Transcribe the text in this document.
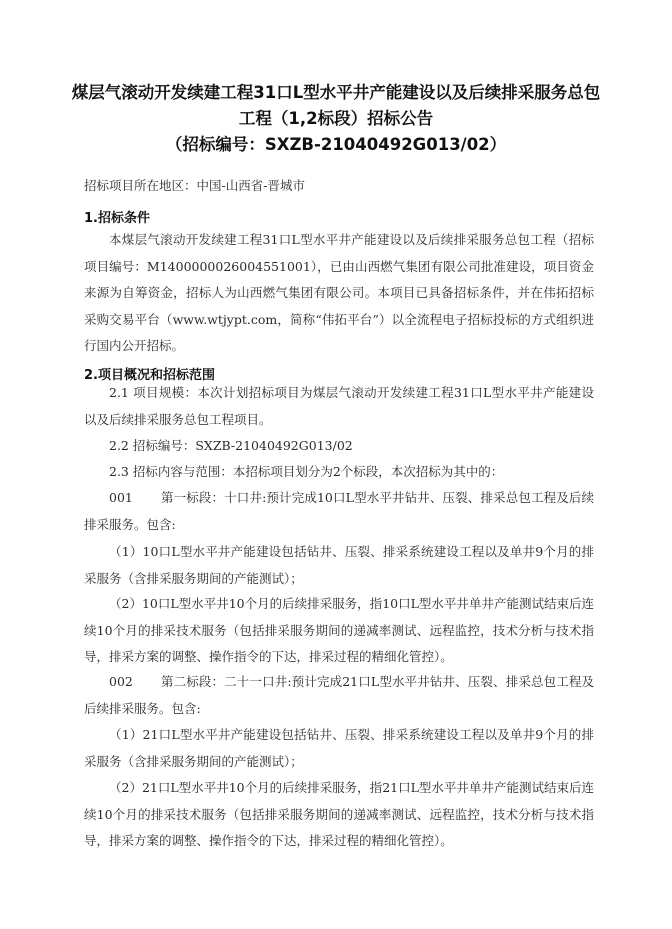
煤层气滚动开发续建工程31口L型水平井产能建设以及后续排采服务总包
工程（1,2标段）招标公告
（招标编号：SXZB-21040492G013/02）

招标项目所在地区：中国-山西省-晋城市

1.招标条件

本煤层气滚动开发续建工程31口L型水平井产能建设以及后续排采服务总包工程（招标项目编号：M1400000026004551001），已由山西燃气集团有限公司批准建设，项目资金来源为自筹资金，招标人为山西燃气集团有限公司。本项目已具备招标条件，并在伟拓招标采购交易平台（www.wtjypt.com，简称“伟拓平台”）以全流程电子招标投标的方式组织进行国内公开招标。

2.项目概况和招标范围

2.1 项目规模：本次计划招标项目为煤层气滚动开发续建工程31口L型水平井产能建设以及后续排采服务总包工程项目。

2.2 招标编号：SXZB-21040492G013/02

2.3 招标内容与范围：本招标项目划分为2个标段，本次招标为其中的：

001 第一标段：十口井:预计完成10口L型水平井钻井、压裂、排采总包工程及后续排采服务。包含:

（1）10口L型水平井产能建设包括钻井、压裂、排采系统建设工程以及单井9个月的排采服务（含排采服务期间的产能测试）；

（2）10口L型水平井10个月的后续排采服务，指10口L型水平井单井产能测试结束后连续10个月的排采技术服务（包括排采服务期间的递减率测试、远程监控，技术分析与技术指导，排采方案的调整、操作指令的下达，排采过程的精细化管控）。

002 第二标段：二十一口井:预计完成21口L型水平井钻井、压裂、排采总包工程及后续排采服务。包含:

（1）21口L型水平井产能建设包括钻井、压裂、排采系统建设工程以及单井9个月的排采服务（含排采服务期间的产能测试）；

（2）21口L型水平井10个月的后续排采服务，指21口L型水平井单井产能测试结束后连续10个月的排采技术服务（包括排采服务期间的递减率测试、远程监控，技术分析与技术指导，排采方案的调整、操作指令的下达，排采过程的精细化管控）。
